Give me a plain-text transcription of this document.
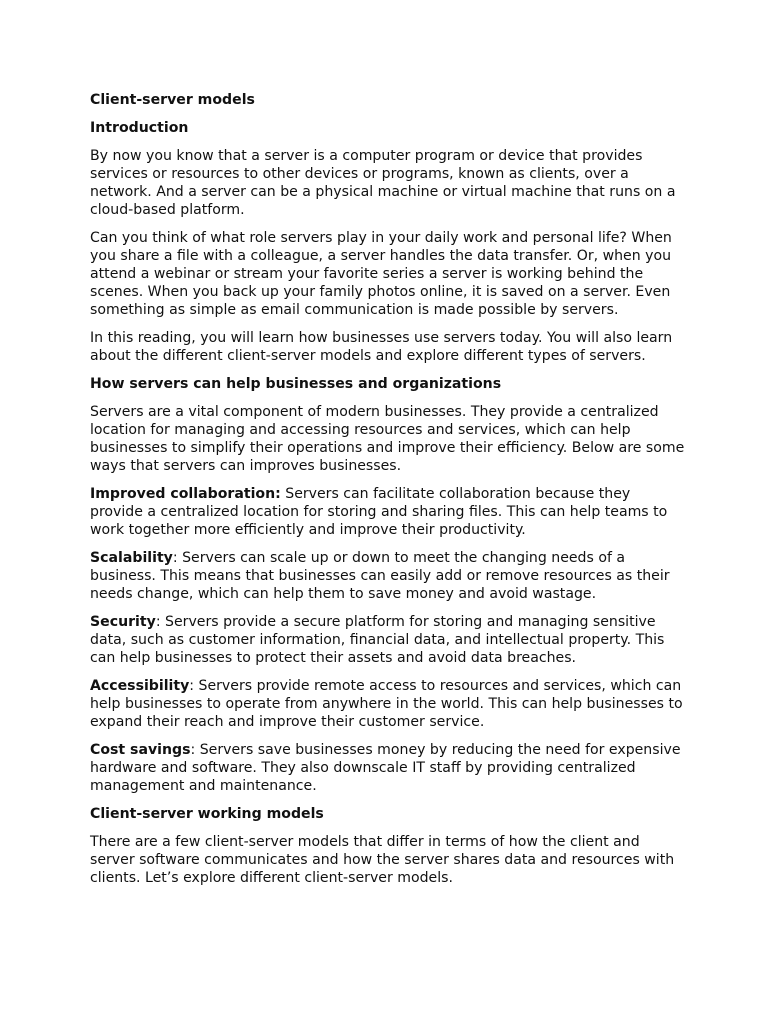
Client-server models
Introduction

By now you know that a server is a computer program or device that provides services or resources to other devices or programs, known as clients, over a network. And a server can be a physical machine or virtual machine that runs on a cloud-based platform.

Can you think of what role servers play in your daily work and personal life? When you share a file with a colleague, a server handles the data transfer. Or, when you attend a webinar or stream your favorite series a server is working behind the scenes. When you back up your family photos online, it is saved on a server. Even something as simple as email communication is made possible by servers.

In this reading, you will learn how businesses use servers today. You will also learn about the different client-server models and explore different types of servers.

How servers can help businesses and organizations

Servers are a vital component of modern businesses. They provide a centralized location for managing and accessing resources and services, which can help businesses to simplify their operations and improve their efficiency. Below are some ways that servers can improves businesses.

Improved collaboration: Servers can facilitate collaboration because they provide a centralized location for storing and sharing files. This can help teams to work together more efficiently and improve their productivity.

Scalability: Servers can scale up or down to meet the changing needs of a business. This means that businesses can easily add or remove resources as their needs change, which can help them to save money and avoid wastage.

Security: Servers provide a secure platform for storing and managing sensitive data, such as customer information, financial data, and intellectual property. This can help businesses to protect their assets and avoid data breaches.

Accessibility: Servers provide remote access to resources and services, which can help businesses to operate from anywhere in the world. This can help businesses to expand their reach and improve their customer service.

Cost savings: Servers save businesses money by reducing the need for expensive hardware and software. They also downscale IT staff by providing centralized management and maintenance.

Client-server working models

There are a few client-server models that differ in terms of how the client and server software communicates and how the server shares data and resources with clients. Let’s explore different client-server models.
